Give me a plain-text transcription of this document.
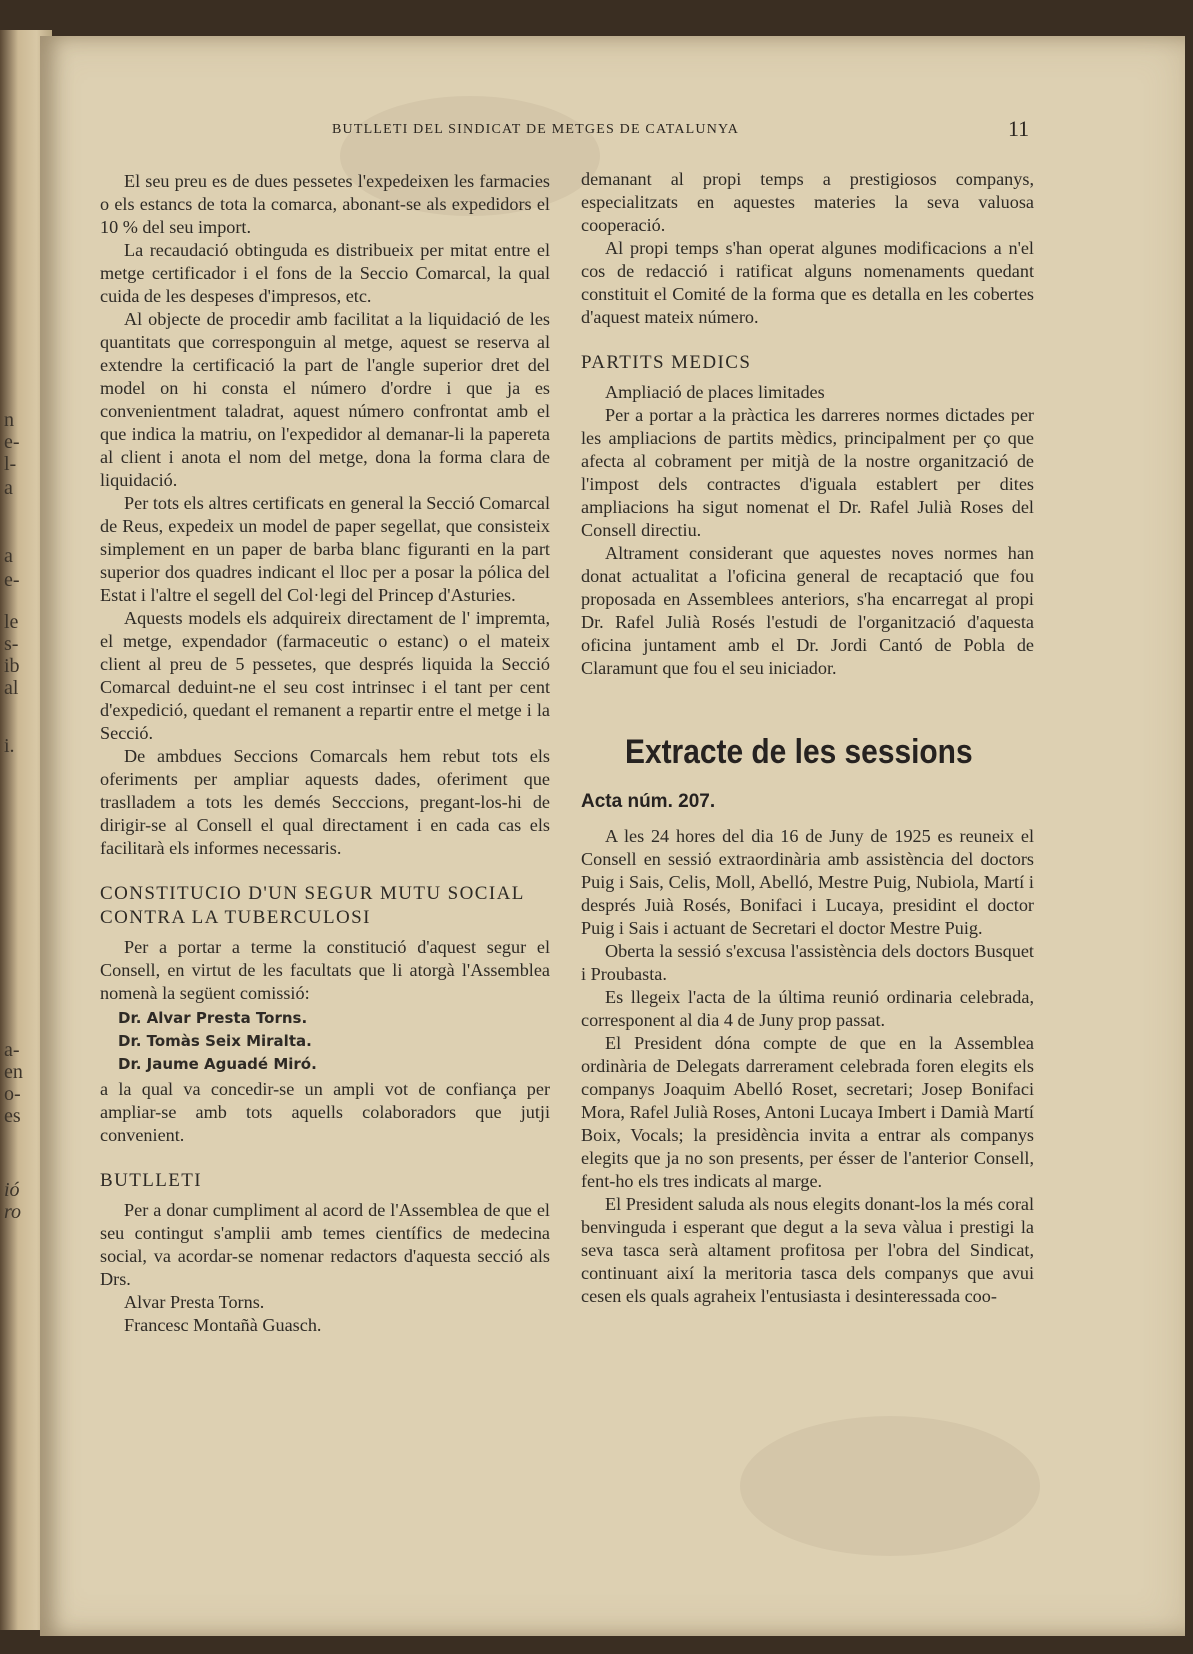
n
e-
l-
a
a
e-
le
s-
ib
al
i.
a-
en
o-
es
ió
ro
BUTLLETI DEL SINDICAT DE METGES DE CATALUNYA	11

El seu preu es de dues pessetes l'expedeixen les farmacies o els estancs de tota la comarca, abonant-se als expedidors el 10 % del seu import.

La recaudació obtinguda es distribueix per mitat entre el metge certificador i el fons de la Seccio Comarcal, la qual cuida de les despeses d'impresos, etc.

Al objecte de procedir amb facilitat a la liquidació de les quantitats que corresponguin al metge, aquest se reserva al extendre la certificació la part de l'angle superior dret del model on hi consta el número d'ordre i que ja es convenientment taladrat, aquest número confrontat amb el que indica la matriu, on l'expedidor al demanar-li la papereta al client i anota el nom del metge, dona la forma clara de liquidació.

Per tots els altres certificats en general la Secció Comarcal de Reus, expedeix un model de paper segellat, que consisteix simplement en un paper de barba blanc figuranti en la part superior dos quadres indicant el lloc per a posar la pólica del Estat i l'altre el segell del Col·legi del Princep d'Asturies.

Aquests models els adquireix directament de l' impremta, el metge, expendador (farmaceutic o estanc) o el mateix client al preu de 5 pessetes, que després liquida la Secció Comarcal deduint-ne el seu cost intrinsec i el tant per cent d'expedició, quedant el remanent a repartir entre el metge i la Secció.

De ambdues Seccions Comarcals hem rebut tots els oferiments per ampliar aquests dades, oferiment que traslladem a tots les demés Secccions, pregant-los-hi de dirigir-se al Consell el qual directament i en cada cas els facilitarà els informes necessaris.

CONSTITUCIO D'UN SEGUR MUTU SOCIAL CONTRA LA TUBERCULOSI

Per a portar a terme la constitució d'aquest segur el Consell, en virtut de les facultats que li atorgà l'Assemblea nomenà la següent comissió:

Dr. Alvar Presta Torns.
Dr. Tomàs Seix Miralta.
Dr. Jaume Aguadé Miró.

a la qual va concedir-se un ampli vot de confiança per ampliar-se amb tots aquells colaboradors que jutji convenient.

BUTLLETI

Per a donar cumpliment al acord de l'Assemblea de que el seu contingut s'amplii amb temes científics de medecina social, va acordar-se nomenar redactors d'aquesta secció als Drs.

Alvar Presta Torns.

Francesc Montañà Guasch.

demanant al propi temps a prestigiosos companys, especialitzats en aquestes materies la seva valuosa cooperació.

Al propi temps s'han operat algunes modificacions a n'el cos de redacció i ratificat alguns nomenaments quedant constituit el Comité de la forma que es detalla en les cobertes d'aquest mateix número.

PARTITS MEDICS

Ampliació de places limitades

Per a portar a la pràctica les darreres normes dictades per les ampliacions de partits mèdics, principalment per ço que afecta al cobrament per mitjà de la nostre organització de l'impost dels contractes d'iguala establert per dites ampliacions ha sigut nomenat el Dr. Rafel Julià Roses del Consell directiu.

Altrament considerant que aquestes noves normes han donat actualitat a l'oficina general de recaptació que fou proposada en Assemblees anteriors, s'ha encarregat al propi Dr. Rafel Julià Rosés l'estudi de l'organització d'aquesta oficina juntament amb el Dr. Jordi Cantó de Pobla de Claramunt que fou el seu iniciador.

Extracte de les sessions
Acta núm. 207.

A les 24 hores del dia 16 de Juny de 1925 es reuneix el Consell en sessió extraordinària amb assistència del doctors Puig i Sais, Celis, Moll, Abelló, Mestre Puig, Nubiola, Martí i després Juià Rosés, Bonifaci i Lucaya, presidint el doctor Puig i Sais i actuant de Secretari el doctor Mestre Puig.

Oberta la sessió s'excusa l'assistència dels doctors Busquet i Proubasta.

Es llegeix l'acta de la última reunió ordinaria celebrada, corresponent al dia 4 de Juny prop passat.

El President dóna compte de que en la Assemblea ordinària de Delegats darrerament celebrada foren elegits els companys Joaquim Abelló Roset, secretari; Josep Bonifaci Mora, Rafel Julià Roses, Antoni Lucaya Imbert i Damià Martí Boix, Vocals; la presidència invita a entrar als companys elegits que ja no son presents, per ésser de l'anterior Consell, fent-ho els tres indicats al marge.

El President saluda als nous elegits donant-los la més coral benvinguda i esperant que degut a la seva vàlua i prestigi la seva tasca serà altament profitosa per l'obra del Sindicat, continuant així la meritoria tasca dels companys que avui cesen els quals agraheix l'entusiasta i desinteressada coo-
